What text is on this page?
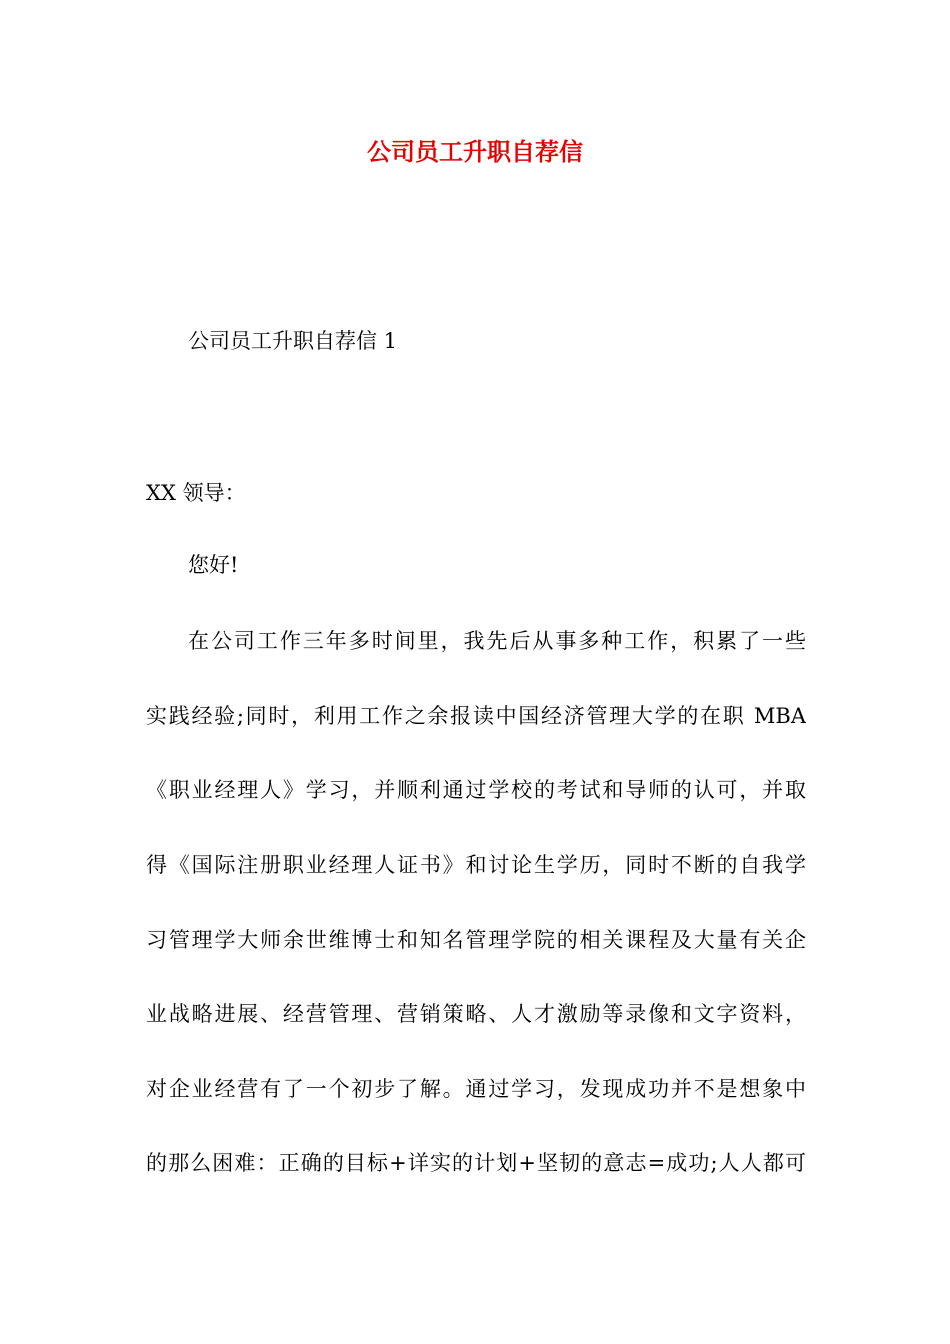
公司员工升职自荐信
公司员工升职自荐信 1
XX 领导：
您好!
在公司工作三年多时间里，我先后从事多种工作，积累了一些
实践经验;同时，利用工作之余报读中国经济管理大学的在职 MBA
《职业经理人》学习，并顺利通过学校的考试和导师的认可，并取
得《国际注册职业经理人证书》和讨论生学历，同时不断的自我学
习管理学大师余世维博士和知名管理学院的相关课程及大量有关企
业战略进展、经营管理、营销策略、人才激励等录像和文字资料，
对企业经营有了一个初步了解。通过学习，发现成功并不是想象中
的那么困难：正确的目标+详实的计划+坚韧的意志=成功;人人都可
